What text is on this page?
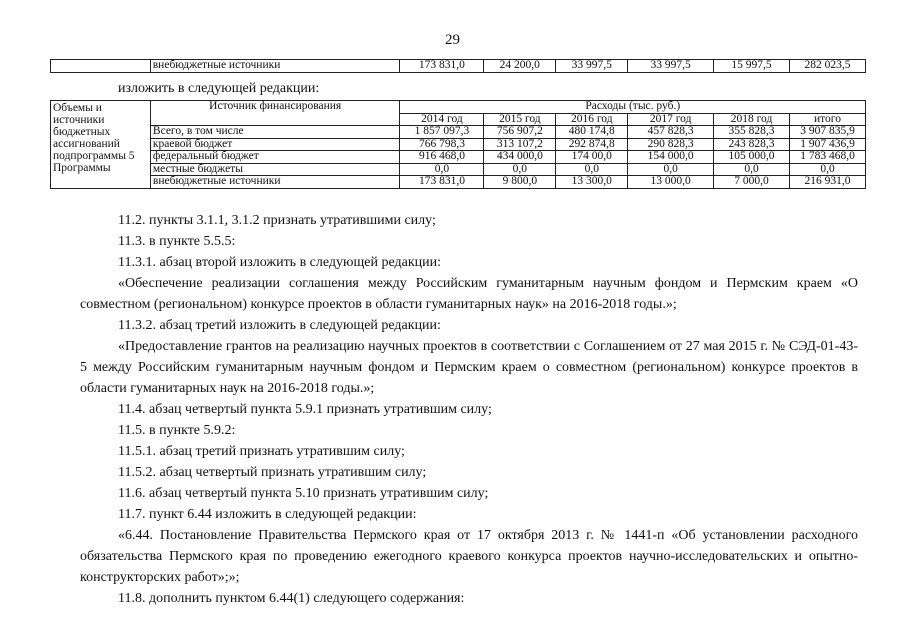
29
	внебюджетные источники	173 831,0	24 200,0	33 997,5	33 997,5	15 997,5	282 023,5
изложить в следующей редакции:
Объемы и источники бюджетных ассигнований подпрограммы 5 Программы	Источник финансирования	Расходы (тыс. руб.)					
		2014 год	2015 год	2016 год	2017 год	2018 год	итого
	Всего, в том числе	1 857 097,3	756 907,2	480 174,8	457 828,3	355 828,3	3 907 835,9
	краевой бюджет	766 798,3	313 107,2	292 874,8	290 828,3	243 828,3	1 907 436,9
	федеральный бюджет	916 468,0	434 000,0	174 00,0	154 000,0	105 000,0	1 783 468,0
	местные бюджеты	0,0	0,0	0,0	0,0	0,0	0,0
	внебюджетные источники	173 831,0	9 800,0	13 300,0	13 000,0	7 000,0	216 931,0

11.2. пункты 3.1.1, 3.1.2 признать утратившими силу;

11.3. в пункте 5.5.5:

11.3.1. абзац второй изложить в следующей редакции:

«Обеспечение реализации соглашения между Российским гуманитарным научным фондом и Пермским краем «О совместном (региональном) конкурсе проектов в области гуманитарных наук» на 2016-2018 годы.»;

11.3.2. абзац третий изложить в следующей редакции:

«Предоставление грантов на реализацию научных проектов в соответствии с Соглашением от 27 мая 2015 г. № СЭД-01-43-5 между Российским гуманитарным научным фондом и Пермским краем о совместном (региональном) конкурсе проектов в области гуманитарных наук на 2016-2018 годы.»;

11.4. абзац четвертый пункта 5.9.1 признать утратившим силу;

11.5. в пункте 5.9.2:

11.5.1. абзац третий признать утратившим силу;

11.5.2. абзац четвертый признать утратившим силу;

11.6. абзац четвертый пункта 5.10 признать утратившим силу;

11.7. пункт 6.44 изложить в следующей редакции:

«6.44. Постановление Правительства Пермского края от 17 октября 2013 г. № 1441-п «Об установлении расходного обязательства Пермского края по проведению ежегодного краевого конкурса проектов научно-исследовательских и опытно-конструкторских работ»;»;

11.8. дополнить пунктом 6.44(1) следующего содержания:
